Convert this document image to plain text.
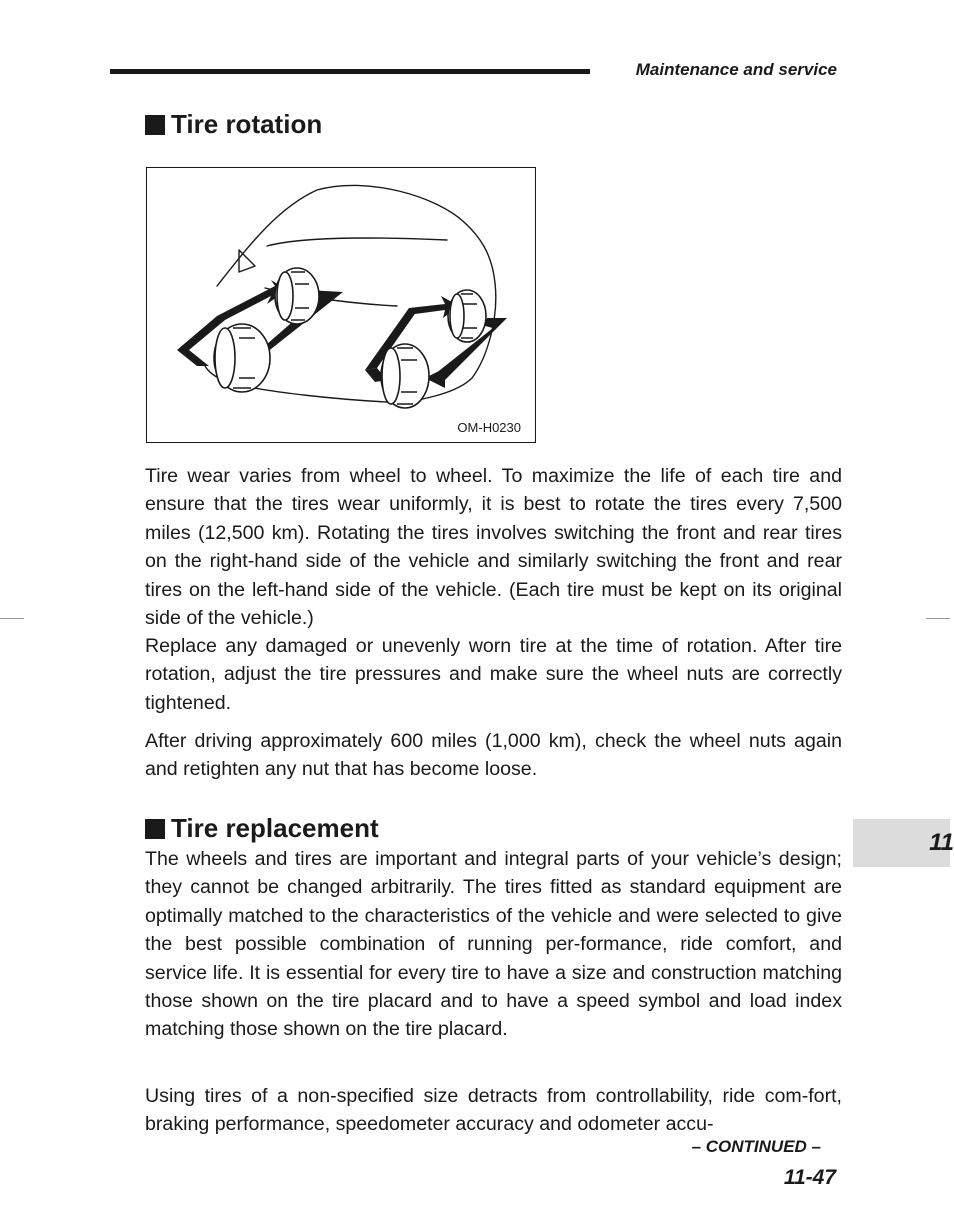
Maintenance and service
Tire rotation
OM-H0230

Tire wear varies from wheel to wheel. To maximize the life of each tire and ensure that the tires wear uniformly, it is best to rotate the tires every 7,500 miles (12,500 km). Rotating the tires involves switching the front and rear tires on the right-hand side of the vehicle and similarly switching the front and rear tires on the left-hand side of the vehicle. (Each tire must be kept on its original side of the vehicle.)

Replace any damaged or unevenly worn tire at the time of rotation. After tire rotation, adjust the tire pressures and make sure the wheel nuts are correctly tightened.

After driving approximately 600 miles (1,000 km), check the wheel nuts again and retighten any nut that has become loose.

Tire replacement

The wheels and tires are important and integral parts of your vehicle’s design; they cannot be changed arbitrarily. The tires fitted as standard equipment are optimally matched to the characteristics of the vehicle and were selected to give the best possible combination of running per-formance, ride comfort, and service life. It is essential for every tire to have a size and construction matching those shown on the tire placard and to have a speed symbol and load index matching those shown on the tire placard.

Using tires of a non-specified size detracts from controllability, ride com-fort, braking performance, speedometer accuracy and odometer accu-

– CONTINUED –
11-47
11
